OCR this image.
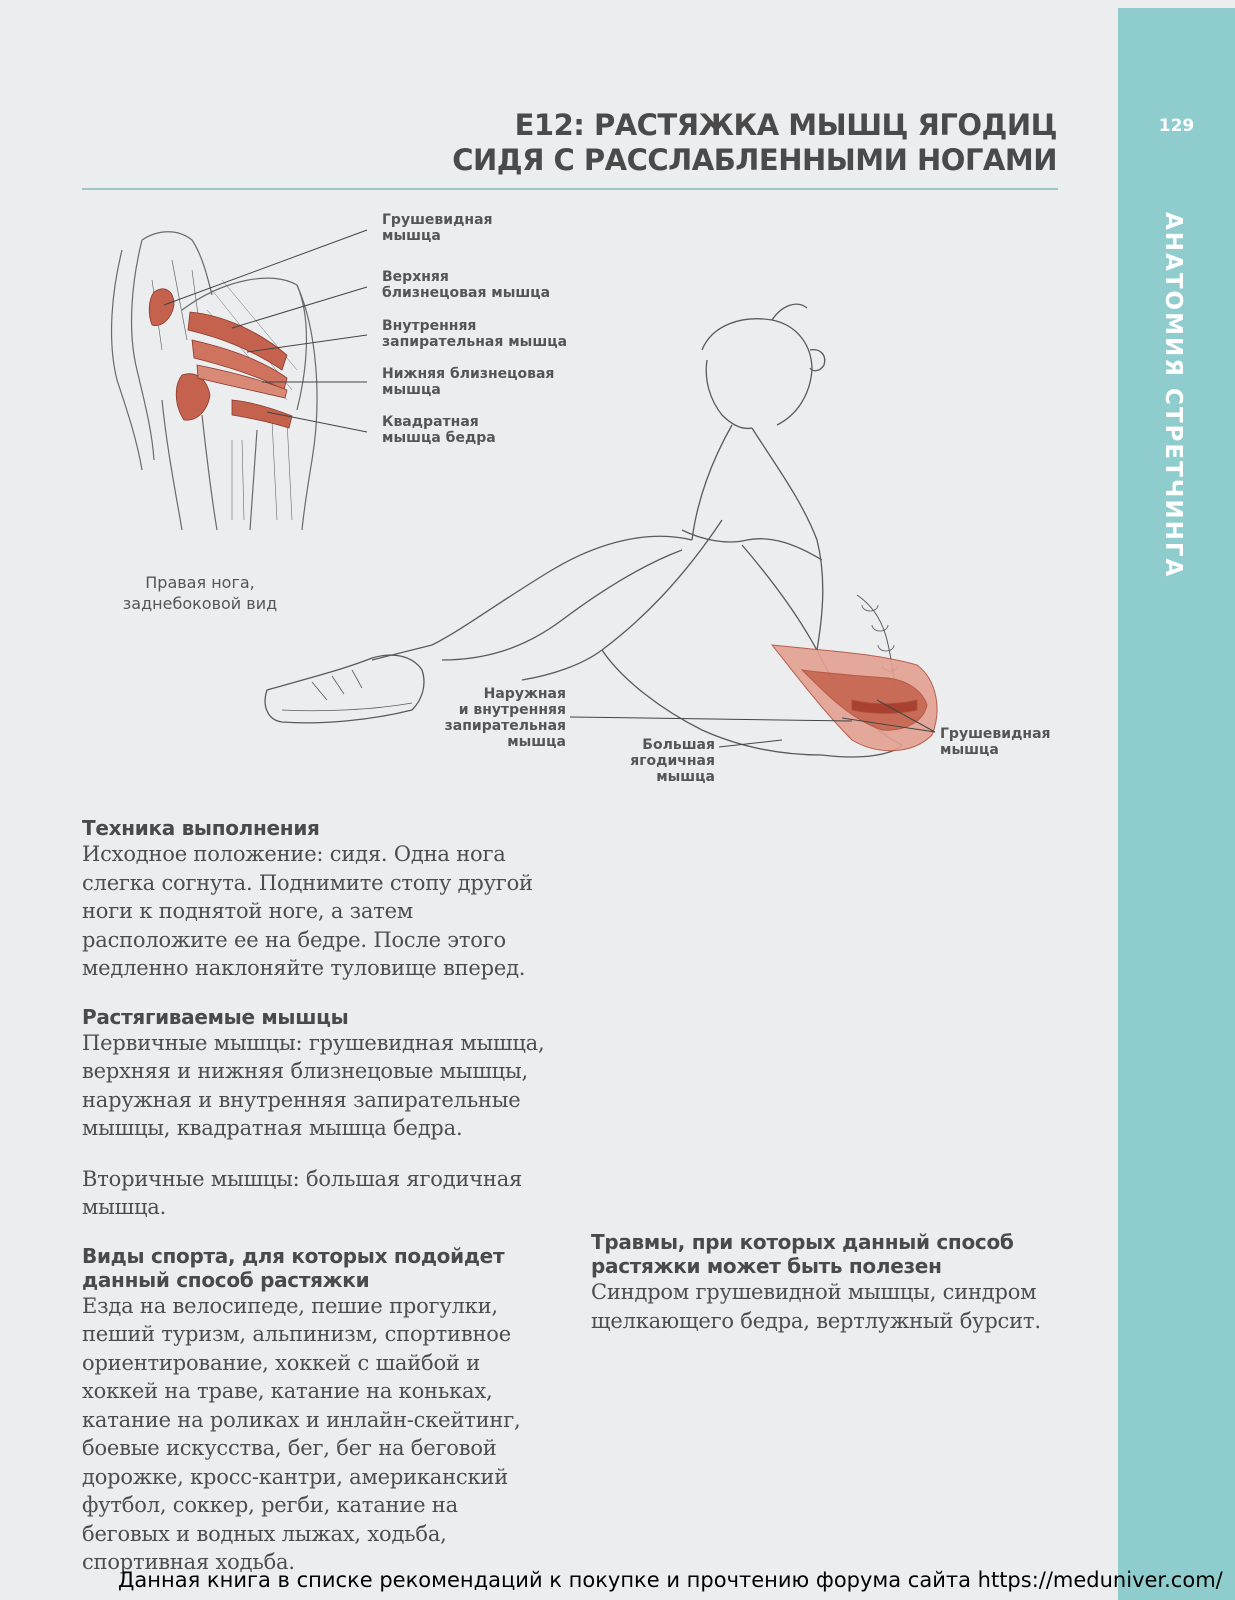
129
АНАТОМИЯ СТРЕТЧИНГА
Е12: РАСТЯЖКА МЫШЦ ЯГОДИЦ
СИДЯ С РАССЛАБЛЕННЫМИ НОГАМИ
Грушевидная
мышца
Верхняя
близнецовая мышца
Внутренняя
запирательная мышца
Нижняя близнецовая
мышца
Квадратная
мышца бедра
Правая нога,
заднебоковой вид
Наружная
и внутренняя
запирательная
мышца	Большая
ягодичная мышца
Грушевидная
мышца
Техника выполнения

Исходное положение: сидя. Одна нога слегка согнута. Поднимите стопу другой ноги к поднятой ноге, а затем расположите ее на бедре. После этого медленно наклоняйте туловище вперед.

Растягиваемые мышцы

Первичные мышцы: грушевидная мышца, верхняя и нижняя близнецовые мышцы, наружная и внутренняя запирательные мышцы, квадратная мышца бедра.

Вторичные мышцы: большая ягодичная мышца.

Виды спорта, для которых подойдет данный способ растяжки

Езда на велосипеде, пешие прогулки, пеший туризм, альпинизм, спортивное ориентирование, хоккей с шайбой и хоккей на траве, катание на коньках, катание на роликах и инлайн-скейтинг, боевые искусства, бег, бег на беговой дорожке, кросс-кантри, американский футбол, соккер, регби, катание на беговых и водных лыжах, ходьба, спортивная ходьба.

Травмы, при которых данный способ растяжки может быть полезен

Синдром грушевидной мышцы, синдром щелкающего бедра, вертлужный бурсит.

Данная книга в списке рекомендаций к покупке и прочтению форума сайта https://meduniver.com/
